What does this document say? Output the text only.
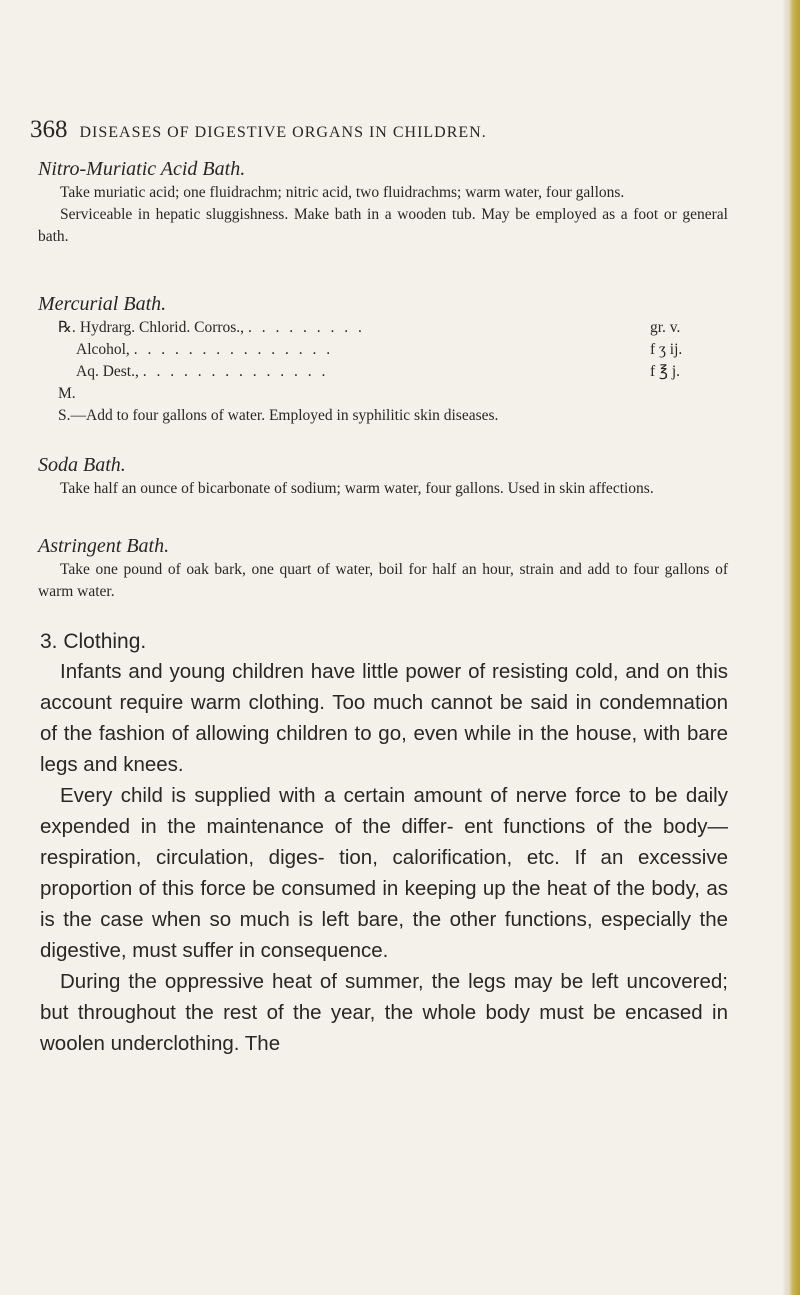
368 DISEASES OF DIGESTIVE ORGANS IN CHILDREN.

Nitro-Muriatic Acid Bath.

Take muriatic acid; one fluidrachm; nitric acid, two fluidrachms; warm water, four gallons.

Serviceable in hepatic sluggishness. Make bath in a wooden tub. May be employed as a foot or general bath.

Mercurial Bath.

℞. Hydrarg. Chlorid. Corros., . . . . . . . . .	gr. v.
Alcohol, . . . . . . . . . . . . . . .	f ʒ ij.
Aq. Dest., . . . . . . . . . . . . . .	f ℥ j.
M.
S.—Add to four gallons of water. Employed in syphilitic skin diseases.

Soda Bath.

Take half an ounce of bicarbonate of sodium; warm water, four gallons. Used in skin affections.

Astringent Bath.

Take one pound of oak bark, one quart of water, boil for half an hour, strain and add to four gallons of warm water.

3. Clothing.

Infants and young children have little power of resisting cold, and on this account require warm clothing. Too much cannot be said in condemnation of the fashion of allowing children to go, even while in the house, with bare legs and knees.

Every child is supplied with a certain amount of nerve force to be daily expended in the maintenance of the differ- ent functions of the body—respiration, circulation, diges- tion, calorification, etc. If an excessive proportion of this force be consumed in keeping up the heat of the body, as is the case when so much is left bare, the other functions, especially the digestive, must suffer in consequence.

During the oppressive heat of summer, the legs may be left uncovered; but throughout the rest of the year, the whole body must be encased in woolen underclothing. The
